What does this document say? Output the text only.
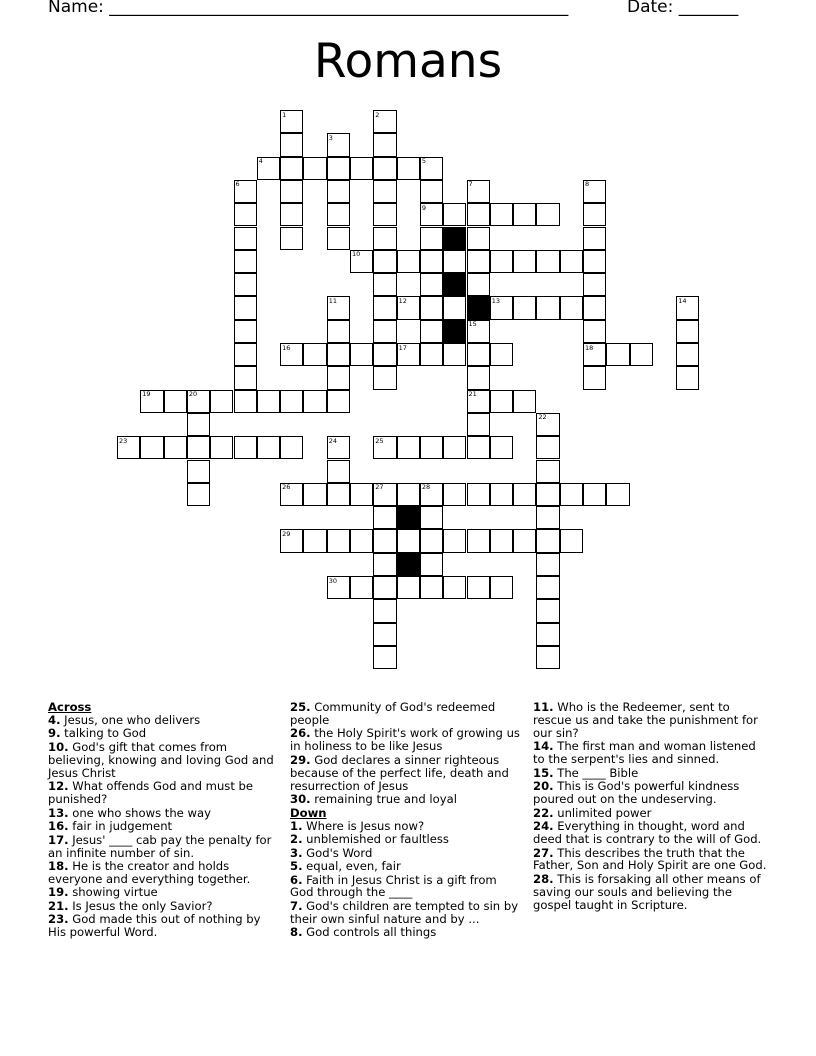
Name: ______________________________________________________	Date: _______
Romans
1	2
3
4	5
6	7	8
9
10
11	12	13	14
15
16	17	18
19	20	21
22
23	24	25
26	27	28
29
30
Across
4. Jesus, one who delivers
9. talking to God
10. God's gift that comes from believing, knowing and loving God and Jesus Christ
12. What offends God and must be punished?
13. one who shows the way
16. fair in judgement
17. Jesus' ____ cab pay the penalty for an infinite number of sin.
18. He is the creator and holds everyone and everything together.
19. showing virtue
21. Is Jesus the only Savior?
23. God made this out of nothing by His powerful Word.
25. Community of God's redeemed people
26. the Holy Spirit's work of growing us in holiness to be like Jesus
29. God declares a sinner righteous because of the perfect life, death and resurrection of Jesus
30. remaining true and loyal
Down
1. Where is Jesus now?
2. unblemished or faultless
3. God's Word
5. equal, even, fair
6. Faith in Jesus Christ is a gift from God through the ____
7. God's children are tempted to sin by their own sinful nature and by ...
8. God controls all things
11. Who is the Redeemer, sent to rescue us and take the punishment for our sin?
14. The first man and woman listened to the serpent's lies and sinned.
15. The ____ Bible
20. This is God's powerful kindness poured out on the undeserving.
22. unlimited power
24. Everything in thought, word and deed that is contrary to the will of God.
27. This describes the truth that the Father, Son and Holy Spirit are one God.
28. This is forsaking all other means of saving our souls and believing the gospel taught in Scripture.
